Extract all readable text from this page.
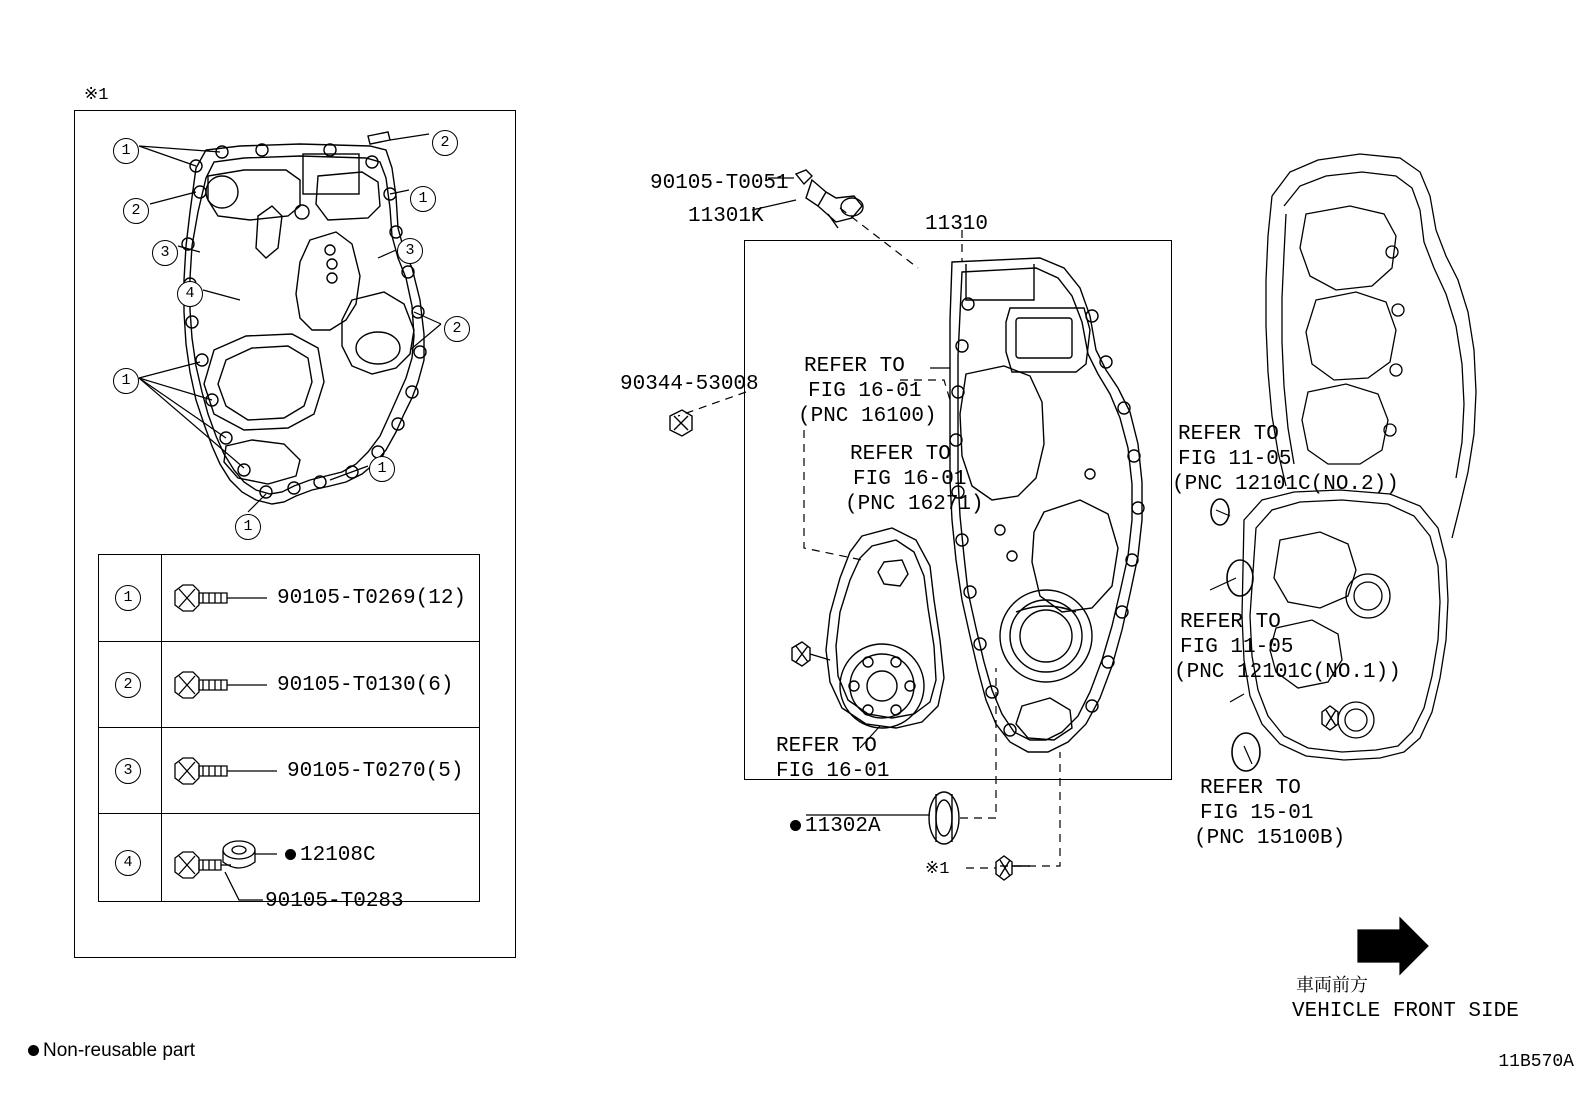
※1
1	2
1
2
3	3
4
2
1
1
1
1	90105-T0269(12)
2	90105-T0130(6)
3	90105-T0270(5)
4	12108C
90105-T0283
90105-T0051
11301K	11310
90344-53008
REFER TO
FIG 16-01
(PNC 16100)
REFER TO
FIG 16-01
(PNC 16271)
REFER TO
FIG 16-01
11302A
※1
REFER TO
FIG 11-05
(PNC 12101C(NO.2))
REFER TO
FIG 11-05
(PNC 12101C(NO.1))
REFER TO
FIG 15-01
(PNC 15100B)
車両前方
VEHICLE FRONT SIDE
Non-reusable part
11B570A
